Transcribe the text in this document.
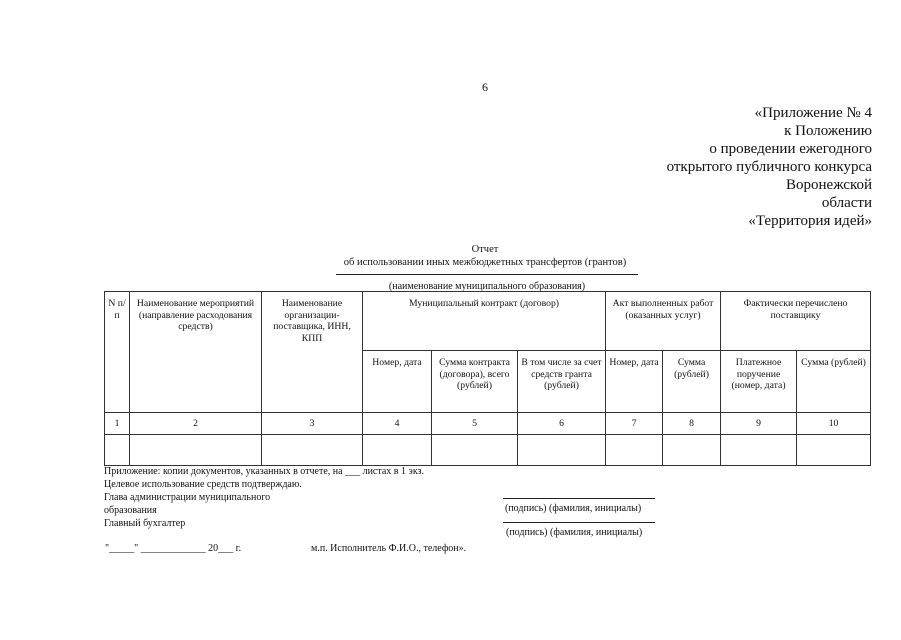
6
«Приложение № 4
к Положению
о проведении ежегодного
открытого публичного конкурса
Воронежской
области
«Территория идей»
Отчет
об использовании иных межбюджетных трансфертов (грантов)
(наименование муниципального образования)
N п/п	Наименование мероприятий (направление расходования средств)	Наименование организации-поставщика, ИНН, КПП	Муниципальный контракт (договор)			Акт выполненных работ (оказанных услуг)		Фактически перечислено поставщику	
			Номер, дата	Сумма контракта (договора), всего (рублей)	В том числе за счет средств гранта (рублей)	Номер, дата	Сумма (рублей)	Платежное поручение (номер, дата)	Сумма (рублей)
1	2	3	4	5	6	7	8	9	10

Приложение: копии документов, указанных в отчете, на ___ листах в 1 экз.
Целевое использование средств подтверждаю.
Глава администрации муниципального
образования
Главный бухгалтер
(подпись) (фамилия, инициалы)
(подпись) (фамилия, инициалы)
"_____" _____________ 20___ г.	м.п. Исполнитель Ф.И.О., телефон».
